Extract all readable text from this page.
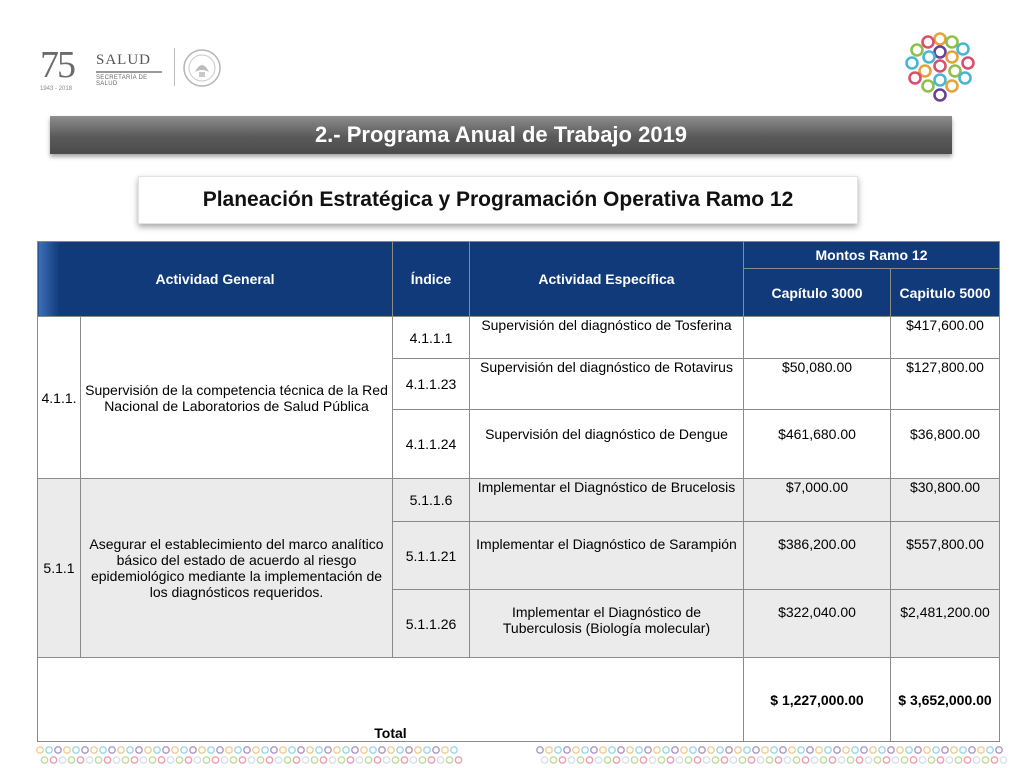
75
1943 - 2018
SALUD
SECRETARÍA DE SALUD
2.- Programa Anual de Trabajo 2019
Planeación Estratégica y Programación Operativa Ramo 12
Actividad General		Índice	Actividad Específica	Montos Ramo 12	
				Capítulo 3000	Capitulo 5000
4.1.1.	Supervisión de la competencia técnica de la Red Nacional de Laboratorios de Salud Pública	4.1.1.1	Supervisión del diagnóstico de Tosferina		$417,600.00
		4.1.1.23	Supervisión del diagnóstico de Rotavirus	$50,080.00	$127,800.00
		4.1.1.24	Supervisión del diagnóstico de Dengue	$461,680.00	$36,800.00
5.1.1	Asegurar el establecimiento del marco analítico básico del estado de acuerdo al riesgo epidemiológico mediante la implementación de los diagnósticos requeridos.	5.1.1.6	Implementar el Diagnóstico de Brucelosis	$7,000.00	$30,800.00
		5.1.1.21	Implementar el Diagnóstico de Sarampión	$386,200.00	$557,800.00
		5.1.1.26	Implementar el Diagnóstico de Tuberculosis (Biología molecular)	$322,040.00	$2,481,200.00
Total				$ 1,227,000.00	$ 3,652,000.00
